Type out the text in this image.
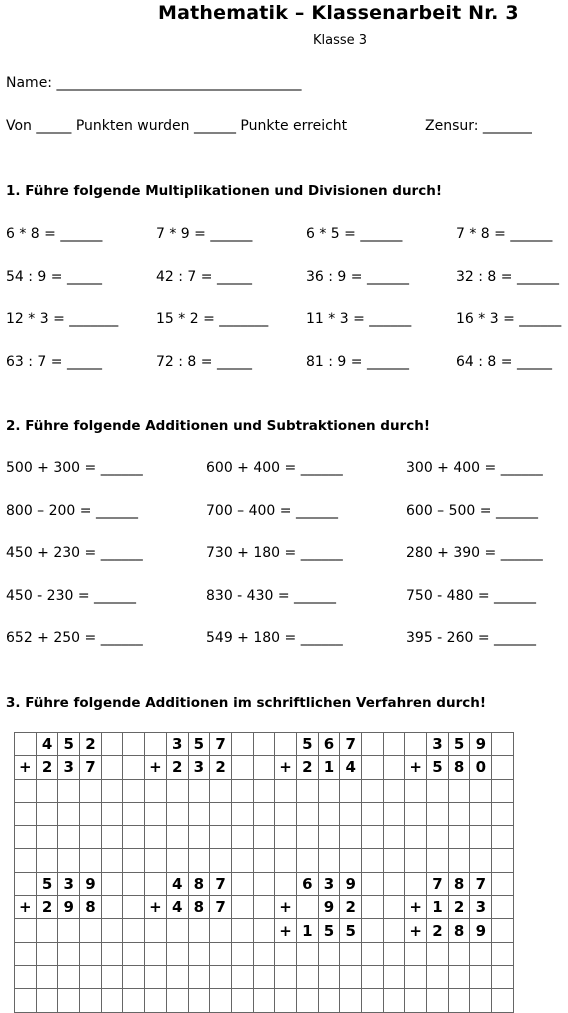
Mathematik – Klassenarbeit Nr. 3
Klasse 3
Name: ___________________________________
Von _____ Punkten wurden ______ Punkte erreicht	Zensur: _______
1. Führe folgende Multiplikationen und Divisionen durch!
6 * 8 = ______	7 * 9 = ______	6 * 5 = ______	7 * 8 = ______
54 : 9 = _____	42 : 7 = _____	36 : 9 = ______	32 : 8 = ______
12 * 3 = _______	15 * 2 = _______	11 * 3 = ______	16 * 3 = ______
63 : 7 = _____	72 : 8 = _____	81 : 9 = ______	64 : 8 = _____
2. Führe folgende Additionen und Subtraktionen durch!
500 + 300 = ______	600 + 400 = ______	300 + 400 = ______
800 – 200 = ______	700 – 400 = ______	600 – 500 = ______
450 + 230 = ______	730 + 180 = ______	280 + 390 = ______
450 - 230 = ______	830 - 430 = ______	750 - 480 = ______
652 + 250 = ______	549 + 180 = ______	395 - 260 = ______
3. Führe folgende Additionen im schriftlichen Verfahren durch!
	4	5	2				3	5	7				5	6	7				3	5	9	
+	2	3	7			+	2	3	2			+	2	1	4			+	5	8	0	

	5	3	9				4	8	7				6	3	9				7	8	7	
+	2	9	8			+	4	8	7			+		9	2			+	1	2	3	
												+	1	5	5			+	2	8	9	
